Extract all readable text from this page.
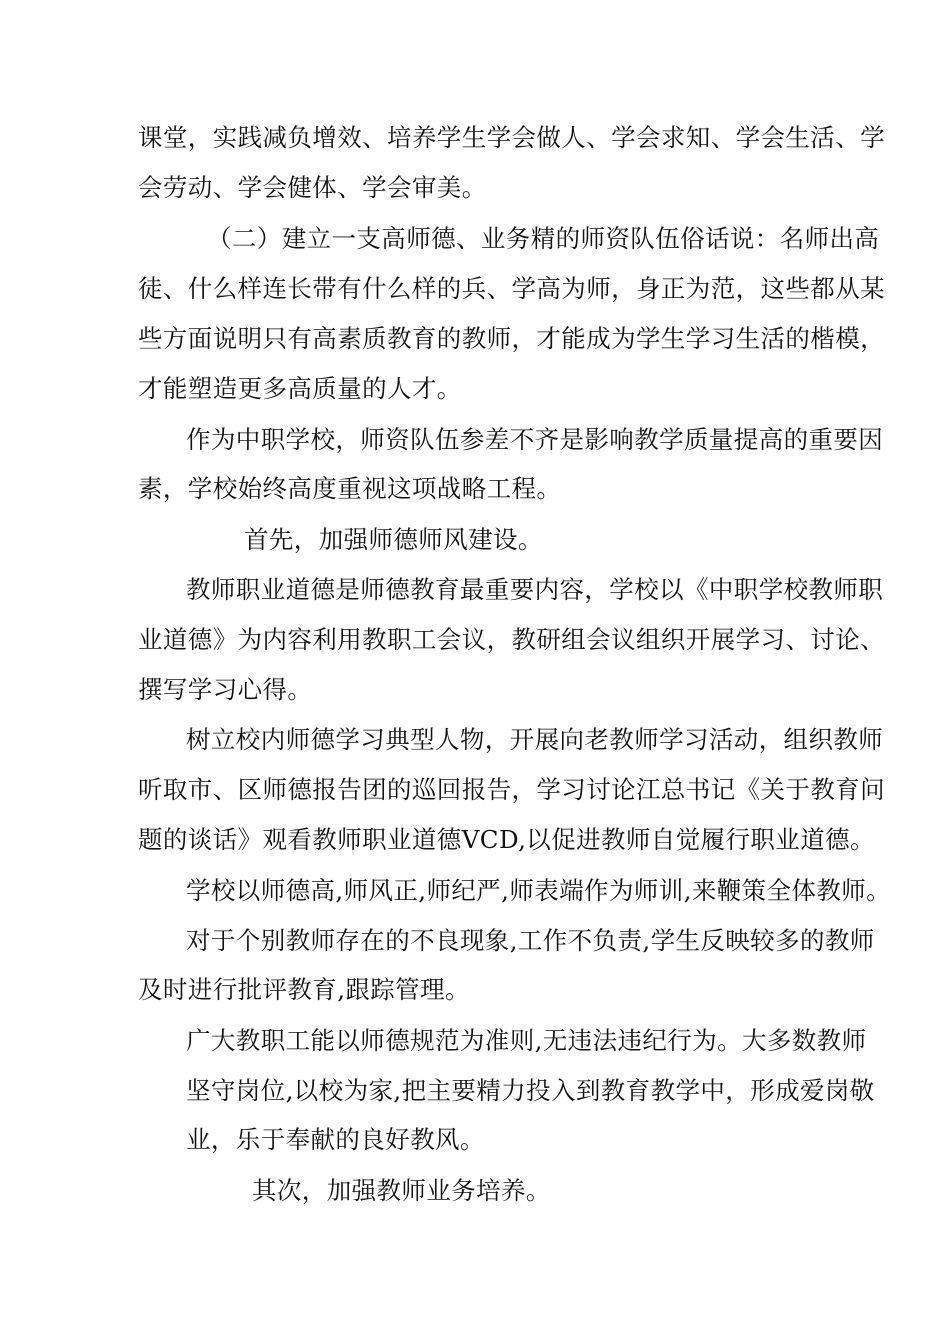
课堂，实践减负增效、培养学生学会做人、学会求知、学会生活、学
会劳动、学会健体、学会审美。
（二）建立一支高师德、业务精的师资队伍俗话说：名师出高
徒、什么样连长带有什么样的兵、学高为师，身正为范，这些都从某
些方面说明只有高素质教育的教师，才能成为学生学习生活的楷模，
才能塑造更多高质量的人才。
作为中职学校，师资队伍参差不齐是影响教学质量提高的重要因
素，学校始终高度重视这项战略工程。
首先，加强师德师风建设。
教师职业道德是师德教育最重要内容，学校以《中职学校教师职
业道德》为内容利用教职工会议，教研组会议组织开展学习、讨论、
撰写学习心得。
树立校内师德学习典型人物，开展向老教师学习活动，组织教师
听取市、区师德报告团的巡回报告，学习讨论江总书记《关于教育问
题的谈话》观看教师职业道德VCD,以促进教师自觉履行职业道德。
学校以师德高,师风正,师纪严,师表端作为师训,来鞭策全体教师。
对于个别教师存在的不良现象,工作不负责,学生反映较多的教师
及时进行批评教育,跟踪管理。
广大教职工能以师德规范为准则,无违法违纪行为。大多数教师
坚守岗位,以校为家,把主要精力投入到教育教学中，形成爱岗敬
业，乐于奉献的良好教风。
其次，加强教师业务培养。
